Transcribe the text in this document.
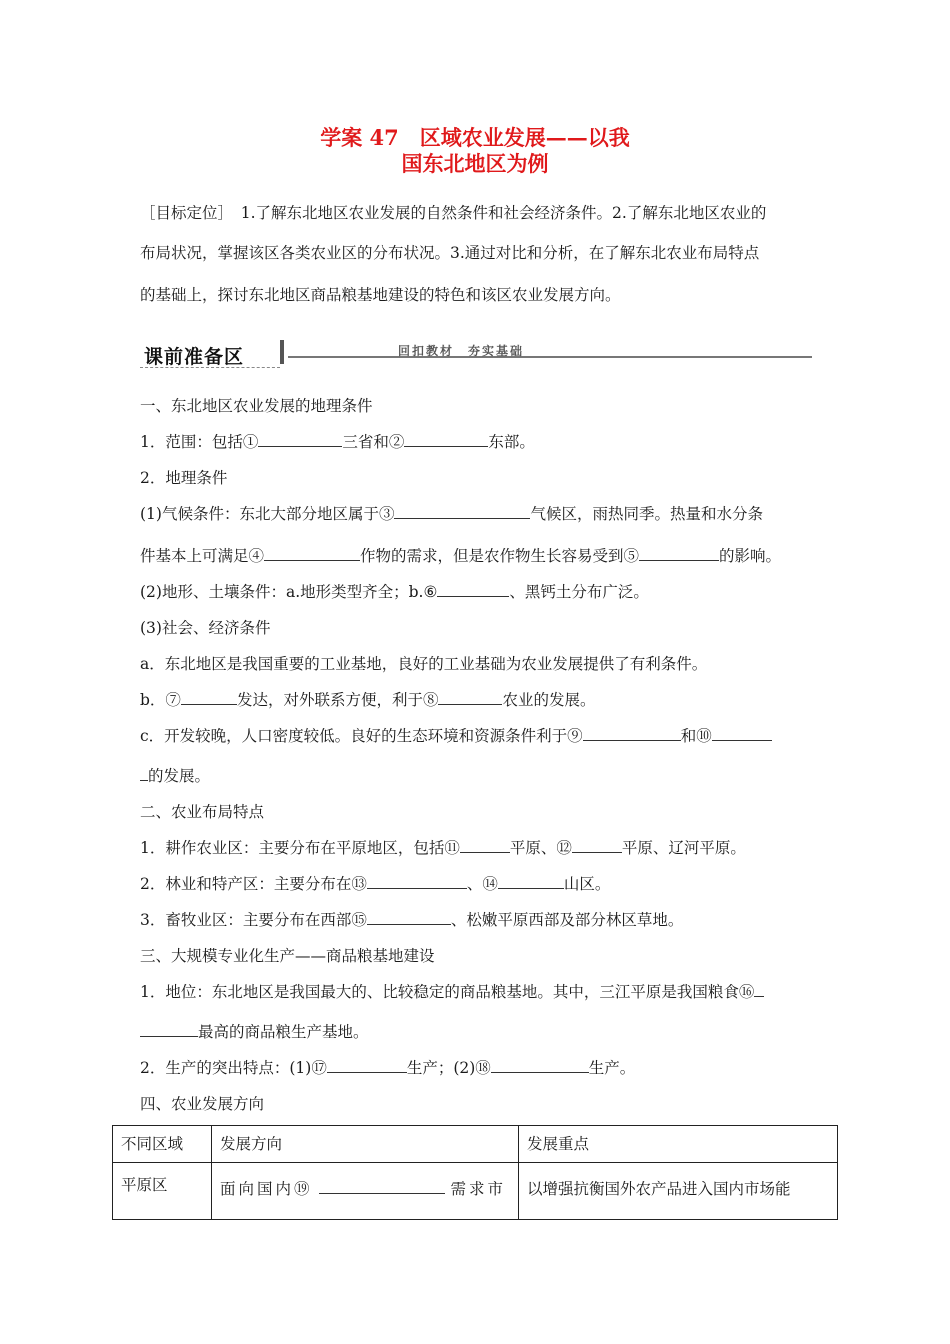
学案 47　区域农业发展——以我
国东北地区为例
［目标定位］　1.了解东北地区农业发展的自然条件和社会经济条件。2.了解东北地区农业的
布局状况，掌握该区各类农业区的分布状况。3.通过对比和分析，在了解东北农业布局特点
的基础上，探讨东北地区商品粮基地建设的特色和该区农业发展方向。
课前准备区	回扣教材　夯实基础
一、东北地区农业发展的地理条件
1．范围：包括①	三省和②	东部。
2．地理条件
(1)气候条件：东北大部分地区属于③	气候区，雨热同季。热量和水分条
件基本上可满足④	作物的需求，但是农作物生长容易受到⑤	的影响。
(2)地形、土壤条件：a.地形类型齐全；b.⑥	、黑钙土分布广泛。
(3)社会、经济条件
a．东北地区是我国重要的工业基地，良好的工业基础为农业发展提供了有利条件。
b．⑦	发达，对外联系方便，利于⑧	农业的发展。
c．开发较晚，人口密度较低。良好的生态环境和资源条件利于⑨	和⑩
的发展。
二、农业布局特点
1．耕作农业区：主要分布在平原地区，包括⑪	平原、⑫	平原、辽河平原。
2．林业和特产区：主要分布在⑬	、⑭	山区。
3．畜牧业区：主要分布在西部⑮	、松嫩平原西部及部分林区草地。
三、大规模专业化生产——商品粮基地建设
1．地位：东北地区是我国最大的、比较稳定的商品粮基地。其中，三江平原是我国粮食⑯
最高的商品粮生产基地。
2．生产的突出特点：(1)⑰	生产；(2)⑱	生产。
四、农业发展方向
不同区域	发展方向	发展重点
平原区	面向国内⑲ 需求市	以增强抗衡国外农产品进入国内市场能
